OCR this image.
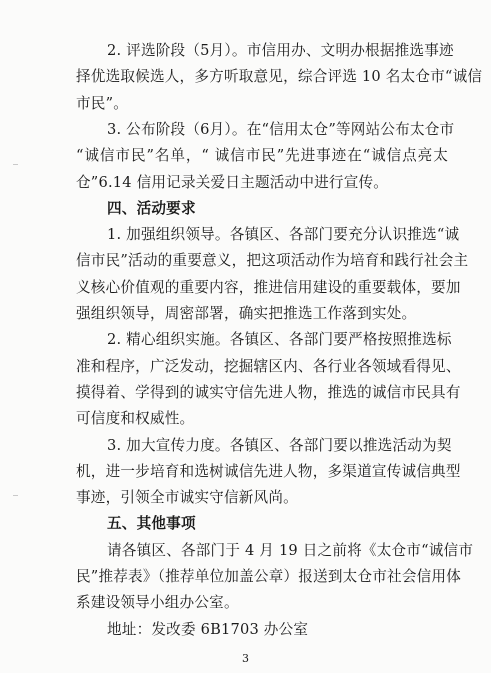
2. 评选阶段（5月）。市信用办、文明办根据推选事迹
择优选取候选人，多方听取意见，综合评选 10 名太仓市“诚信
市民”。
3. 公布阶段（6月）。在“信用太仓”等网站公布太仓市
“诚信市民”名单，“ 诚信市民”先进事迹在“诚信点亮太
仓”6.14 信用记录关爱日主题活动中进行宣传。
四、活动要求
1. 加强组织领导。各镇区、各部门要充分认识推选“诚
信市民”活动的重要意义，把这项活动作为培育和践行社会主
义核心价值观的重要内容，推进信用建设的重要载体，要加
强组织领导，周密部署，确实把推选工作落到实处。
2. 精心组织实施。各镇区、各部门要严格按照推选标
准和程序，广泛发动，挖掘辖区内、各行业各领域看得见、
摸得着、学得到的诚实守信先进人物，推选的诚信市民具有
可信度和权威性。
3. 加大宣传力度。各镇区、各部门要以推选活动为契
机，进一步培育和选树诚信先进人物，多渠道宣传诚信典型
事迹，引领全市诚实守信新风尚。
五、其他事项
请各镇区、各部门于 4 月 19 日之前将《太仓市“诚信市
民”推荐表》（推荐单位加盖公章）报送到太仓市社会信用体
系建设领导小组办公室。
地址：发改委 6B1703 办公室
3
